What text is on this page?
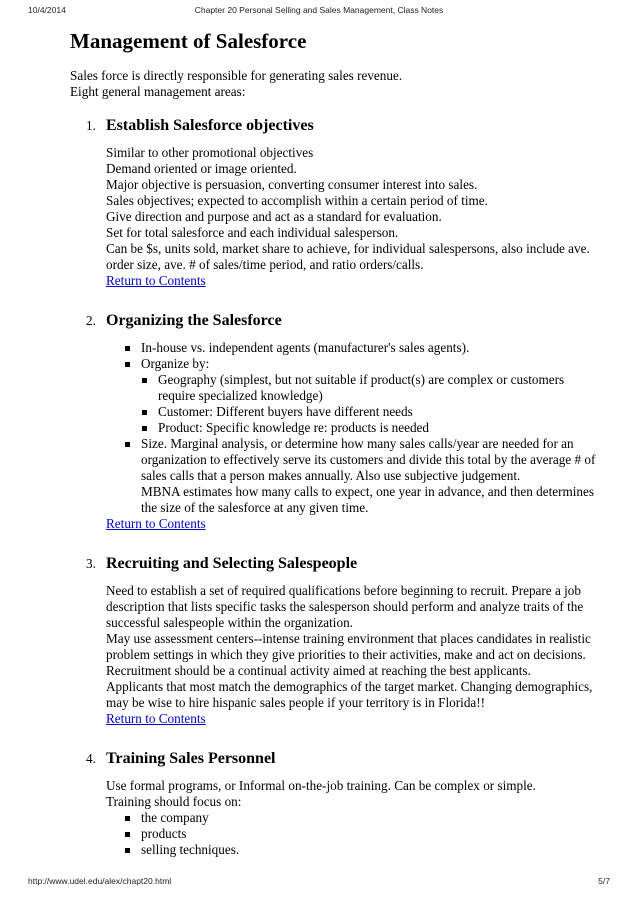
10/4/2014	Chapter 20 Personal Selling and Sales Management, Class Notes
Management of Salesforce

Sales force is directly responsible for generating sales revenue.

Eight general management areas:

1. Establish Salesforce objectives

Similar to other promotional objectives

Demand oriented or image oriented.

Major objective is persuasion, converting consumer interest into sales.

Sales objectives; expected to accomplish within a certain period of time.

Give direction and purpose and act as a standard for evaluation.

Set for total salesforce and each individual salesperson.

Can be $s, units sold, market share to achieve, for individual salespersons, also include ave. order size, ave. # of sales/time period, and ratio orders/calls.

Return to Contents
2. Organizing the Salesforce
In-house vs. independent agents (manufacturer's sales agents).
Organize by:
Geography (simplest, but not suitable if product(s) are complex or customers require specialized knowledge)
Customer: Different buyers have different needs
Product: Specific knowledge re: products is needed
Size. Marginal analysis, or determine how many sales calls/year are needed for an organization to effectively serve its customers and divide this total by the average # of sales calls that a person makes annually. Also use subjective judgement.
MBNA estimates how many calls to expect, one year in advance, and then determines the size of the salesforce at any given time.
Return to Contents
3. Recruiting and Selecting Salespeople

Need to establish a set of required qualifications before beginning to recruit. Prepare a job description that lists specific tasks the salesperson should perform and analyze traits of the successful salespeople within the organization.

May use assessment centers--intense training environment that places candidates in realistic problem settings in which they give priorities to their activities, make and act on decisions.

Recruitment should be a continual activity aimed at reaching the best applicants.

Applicants that most match the demographics of the target market. Changing demographics, may be wise to hire hispanic sales people if your territory is in Florida!!

Return to Contents
4. Training Sales Personnel

Use formal programs, or Informal on-the-job training. Can be complex or simple.

Training should focus on:

the company
products
selling techniques.
http://www.udel.edu/alex/chapt20.html	5/7
